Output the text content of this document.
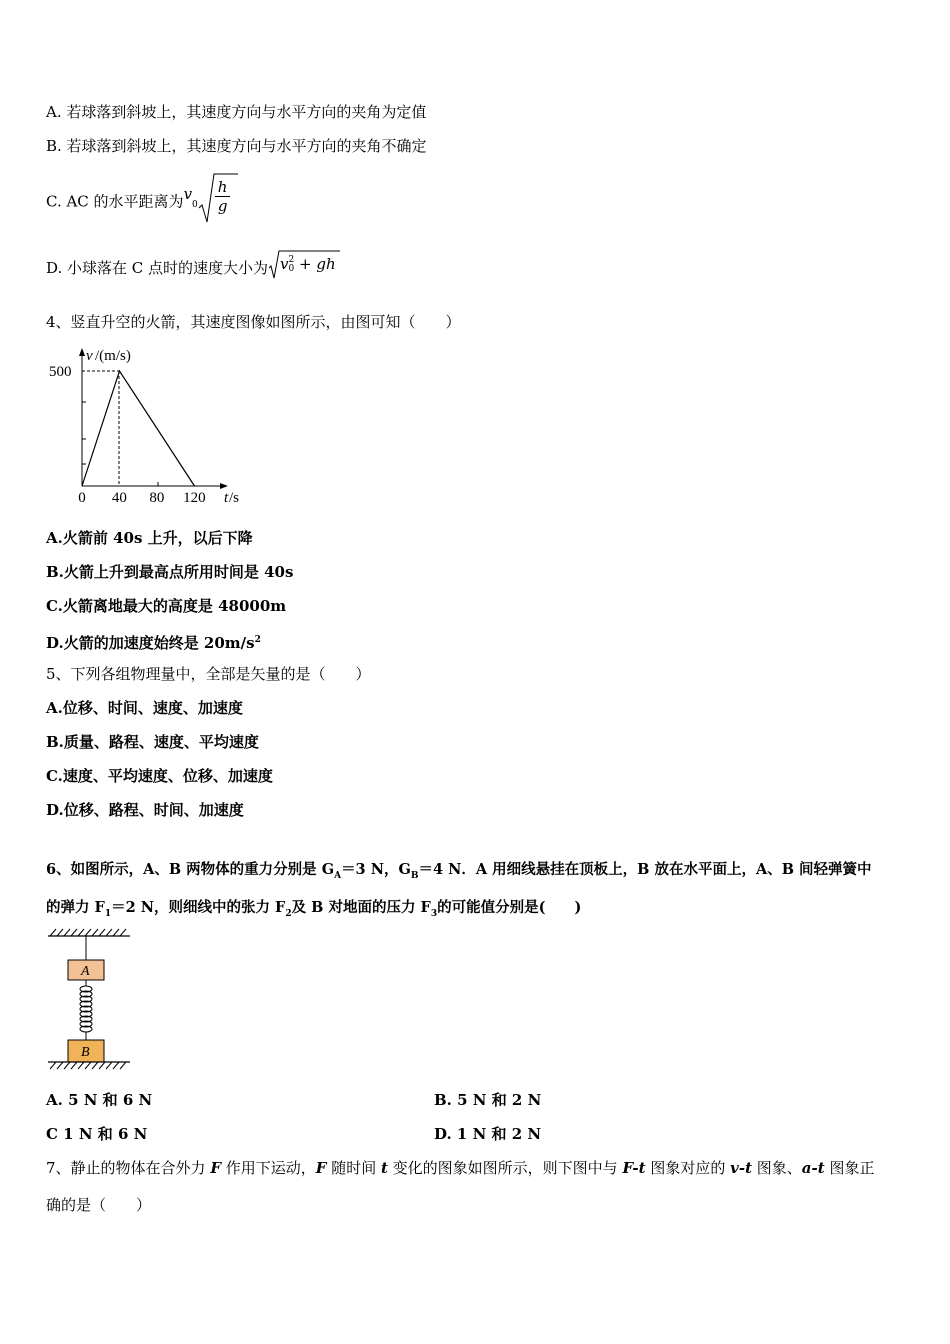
A. 若球落到斜坡上，其速度方向与水平方向的夹角为定值
B. 若球落到斜坡上，其速度方向与水平方向的夹角不确定
C. AC 的水平距离为$v_0 \frac{h}{g}$
D. 小球落在 C 点时的速度大小为 v 2
0 + gh
4、竖直升空的火箭，其速度图像如图所示，由图可知（　　）
v /(m/s)
500
t /s
0 40 80 120
A.火箭前 40s 上升，以后下降
B.火箭上升到最高点所用时间是 40s
C.火箭离地最大的高度是 48000m
D.火箭的加速度始终是 $20m/s^2$
5、下列各组物理量中，全部是矢量的是（　　）
A.位移、时间、速度、加速度
B.质量、路程、速度、平均速度
C.速度、平均速度、位移、加速度
D.位移、路程、时间、加速度
6、如图所示，A、B 两物体的重力分别是 $G_A=3$ N，$G_B=4$ N．A 用细线悬挂在顶板上，B 放在水平面上，A、B 间轻弹簧中
的弹力 $F_1=2$ N，则细线中的张力 $F_2$及 B 对地面的压力 $F_3$的可能值分别是(　　)
A
B
A. 5 N 和 6 N	B. 5 N 和 2 N
C 1 N 和 6 N	D. 1 N 和 2 N
7、静止的物体在合外力 F 作用下运动，F 随时间 t 变化的图象如图所示，则下图中与 F-t 图象对应的 v-t 图象、a-t 图象正
确的是（　　）
